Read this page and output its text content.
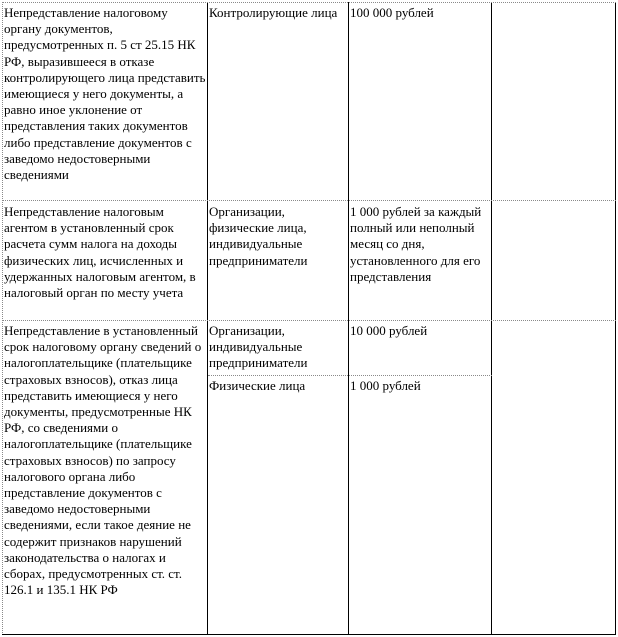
Непредставление налоговому органу документов, предусмотренных п. 5 ст 25.15 НК РФ, выразившееся в отказе контролирующего лица представить имеющиеся у него документы, а равно иное уклонение от представления таких документов либо представление документов с заведомо недостоверными сведениями

Контролирующие лица 100 000 рублей

Непредставление налоговым агентом в установленный срок расчета сумм налога на доходы физических лиц, исчисленных и удержанных налоговым агентом, в налоговый орган по месту учета

Организации, физические лица, индивидуальные предприниматели

1 000 рублей за каждый полный или неполный месяц со дня, установленного для его представления

Непредставление в установленный срок налоговому органу сведений о налогоплательщике (плательщике страховых взносов), отказ лица представить имеющиеся у него документы, предусмотренные НК РФ, со сведениями о налогоплательщике (плательщике страховых взносов) по запросу налогового органа либо представление документов с заведомо недостоверными сведениями, если такое деяние не содержит признаков нарушений законодательства о налогах и сборах, предусмотренных ст. ст. 126.1 и 135.1 НК РФ

Организации, индивидуальные предприниматели

10 000 рублей

Физические лица	1 000 рублей
